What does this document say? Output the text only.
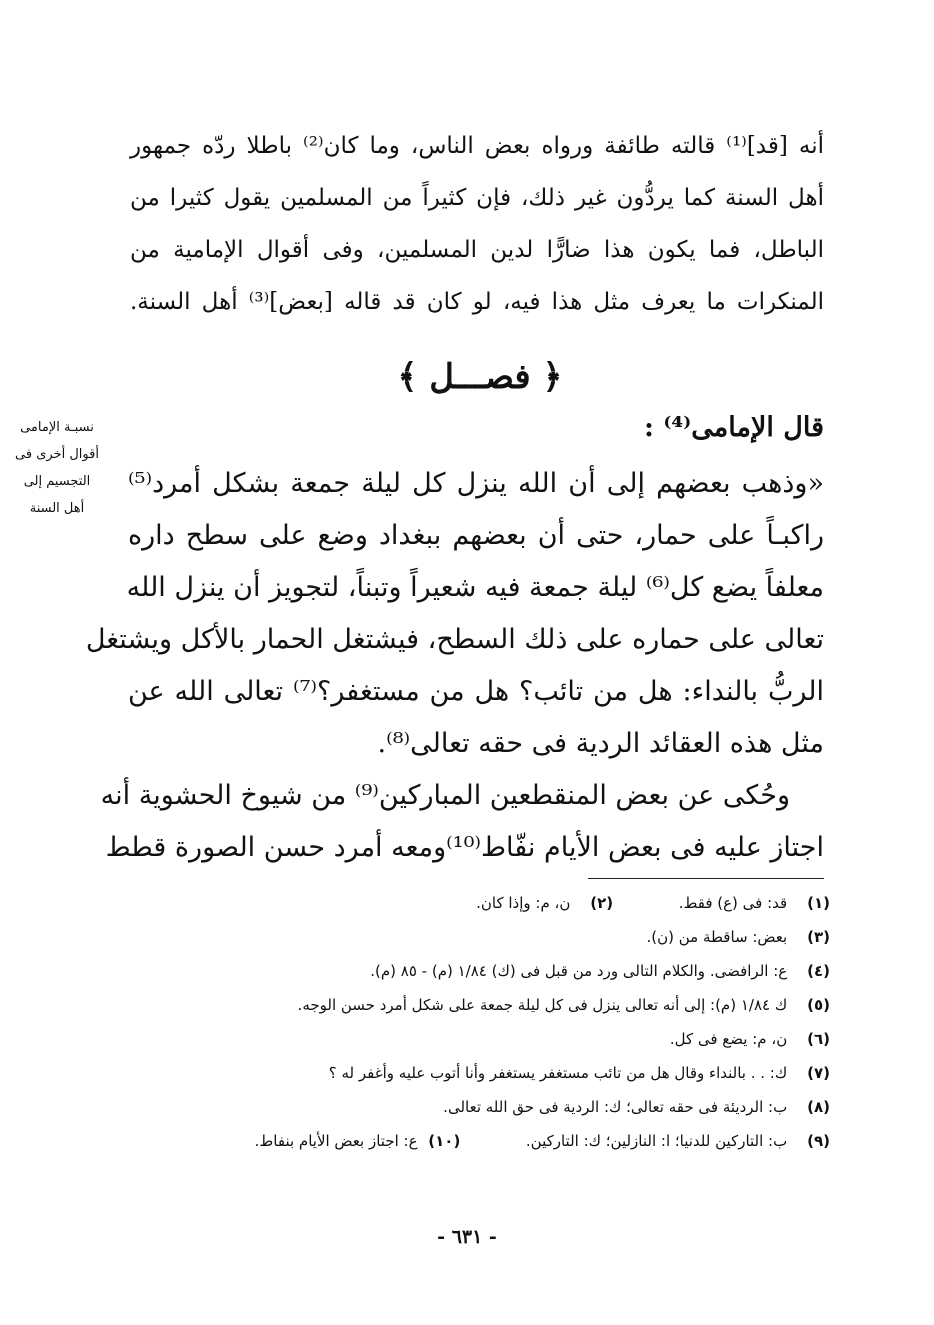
أنه [قد]⁽¹⁾ قالته طائفة ورواه بعض الناس، وما كان⁽²⁾ باطلا ردّه جمهور
أهل السنة كما يردُّون غير ذلك، فإن كثيراً من المسلمين يقول كثيرا من
الباطل، فما يكون هذا ضارًّا لدين المسلمين، وفى أقوال الإمامية من
المنكرات ما يعرف مثل هذا فيه، لو كان قد قاله [بعض]⁽³⁾ أهل السنة.
﴿ فصـــل ﴾
قال الإمامى⁽⁴⁾ :
نسبـة الإمامى
أقوال أخرى فى
التجسيم إلى
أهل السنة
«وذهب بعضهم إلى أن الله ينزل كل ليلة جمعة بشكل أمرد⁽⁵⁾
راكبـاً على حمار، حتى أن بعضهم ببغداد وضع على سطح داره
معلفاً يضع كل⁽⁶⁾ ليلة جمعة فيه شعيراً وتبناً، لتجويز أن ينزل الله
تعالى على حماره على ذلك السطح، فيشتغل الحمار بالأكل ويشتغل
الربُّ بالنداء: هل من تائب؟ هل من مستغفر؟⁽⁷⁾ تعالى الله عن
مثل هذه العقائد الردية فى حقه تعالى⁽⁸⁾.
وحُكى عن بعض المنقطعين المباركين⁽⁹⁾ من شيوخ الحشوية أنه
اجتاز عليه فى بعض الأيام نفّاط⁽¹⁰⁾ومعه أمرد حسن الصورة قطط
(١) قد: فى (ع) فقط.  (٢) ن، م: وإذا كان.
(٣) بعض: ساقطة من (ن).
(٤) ع: الرافضى. والكلام التالى ورد من قبل فى (ك) ١/٨٤ (م) - ٨٥ (م).
(٥) ك ١/٨٤ (م): إلى أنه تعالى ينزل فى كل ليلة جمعة على شكل أمرد حسن الوجه.
(٦) ن، م: يضع فى كل.
(٧) ك: . . بالنداء وقال هل من تائب مستغفر يستغفر وأنا أتوب عليه وأغفر له ؟
(٨) ب: الرديئة فى حقه تعالى؛ ك: الردية فى حق الله تعالى.
(٩) ب: التاركين للدنيا؛ ا: النازلين؛ ك: التاركين.  (١٠) ع: اجتاز بعض الأيام بنفاط.
- ٦٣١ -
